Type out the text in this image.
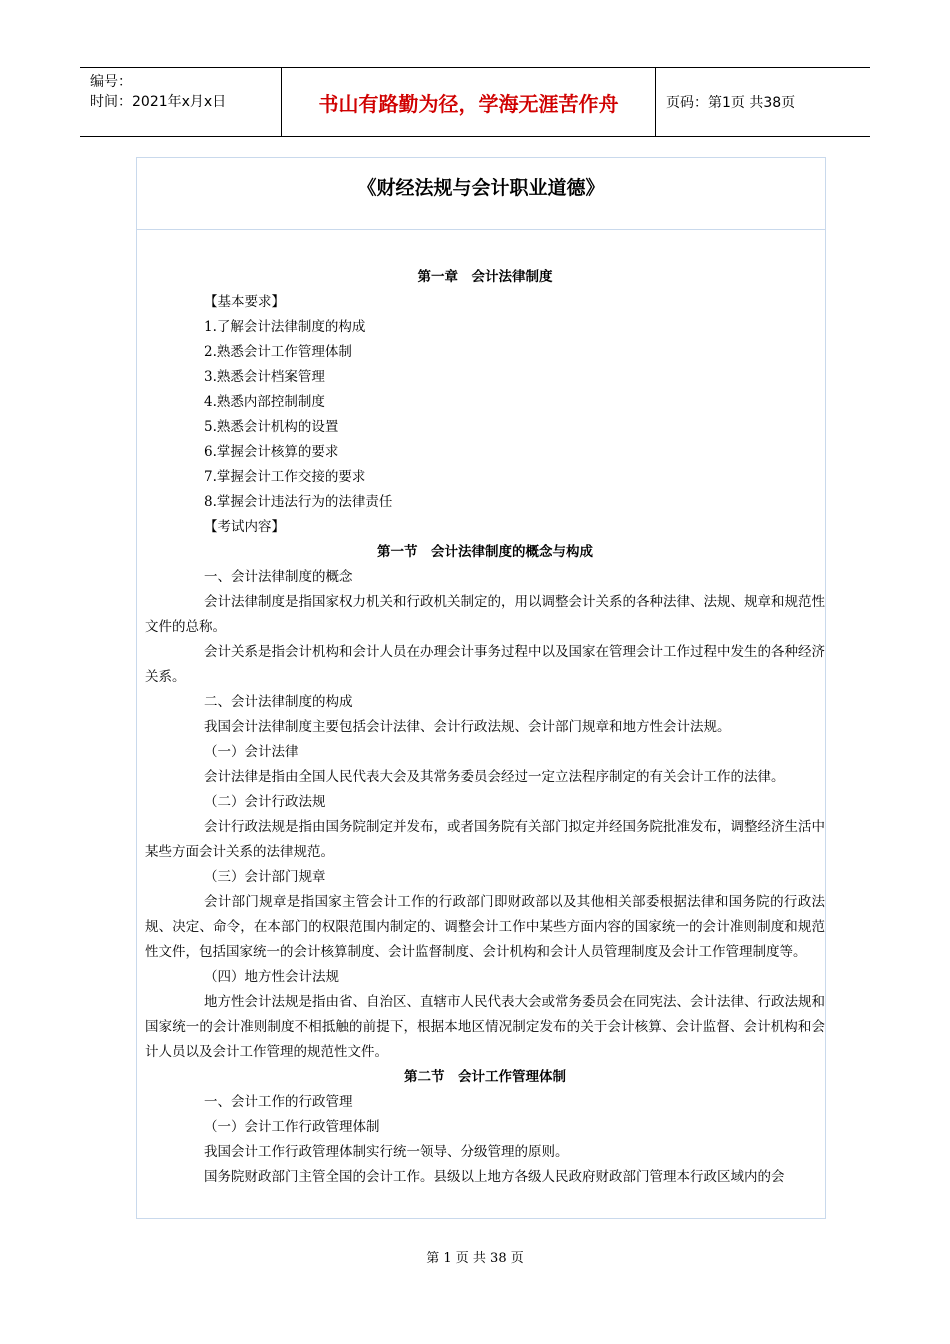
编号：
时间：2021年x月x日	书山有路勤为径，学海无涯苦作舟	页码：第1页 共38页
《财经法规与会计职业道德》
第一章　会计法律制度
【基本要求】
1.了解会计法律制度的构成
2.熟悉会计工作管理体制
3.熟悉会计档案管理
4.熟悉内部控制制度
5.熟悉会计机构的设置
6.掌握会计核算的要求
7.掌握会计工作交接的要求
8.掌握会计违法行为的法律责任
【考试内容】
第一节　会计法律制度的概念与构成
一、会计法律制度的概念
会计法律制度是指国家权力机关和行政机关制定的，用以调整会计关系的各种法律、法规、规章和规范性文件的总称。
会计关系是指会计机构和会计人员在办理会计事务过程中以及国家在管理会计工作过程中发生的各种经济关系。
二、会计法律制度的构成
我国会计法律制度主要包括会计法律、会计行政法规、会计部门规章和地方性会计法规。
（一）会计法律
会计法律是指由全国人民代表大会及其常务委员会经过一定立法程序制定的有关会计工作的法律。
（二）会计行政法规
会计行政法规是指由国务院制定并发布，或者国务院有关部门拟定并经国务院批准发布，调整经济生活中某些方面会计关系的法律规范。
（三）会计部门规章
会计部门规章是指国家主管会计工作的行政部门即财政部以及其他相关部委根据法律和国务院的行政法规、决定、命令，在本部门的权限范围内制定的、调整会计工作中某些方面内容的国家统一的会计准则制度和规范性文件，包括国家统一的会计核算制度、会计监督制度、会计机构和会计人员管理制度及会计工作管理制度等。
（四）地方性会计法规
地方性会计法规是指由省、自治区、直辖市人民代表大会或常务委员会在同宪法、会计法律、行政法规和国家统一的会计准则制度不相抵触的前提下，根据本地区情况制定发布的关于会计核算、会计监督、会计机构和会计人员以及会计工作管理的规范性文件。
第二节　会计工作管理体制
一、会计工作的行政管理
（一）会计工作行政管理体制
我国会计工作行政管理体制实行统一领导、分级管理的原则。
国务院财政部门主管全国的会计工作。县级以上地方各级人民政府财政部门管理本行政区域内的会
第 1 页 共 38 页
